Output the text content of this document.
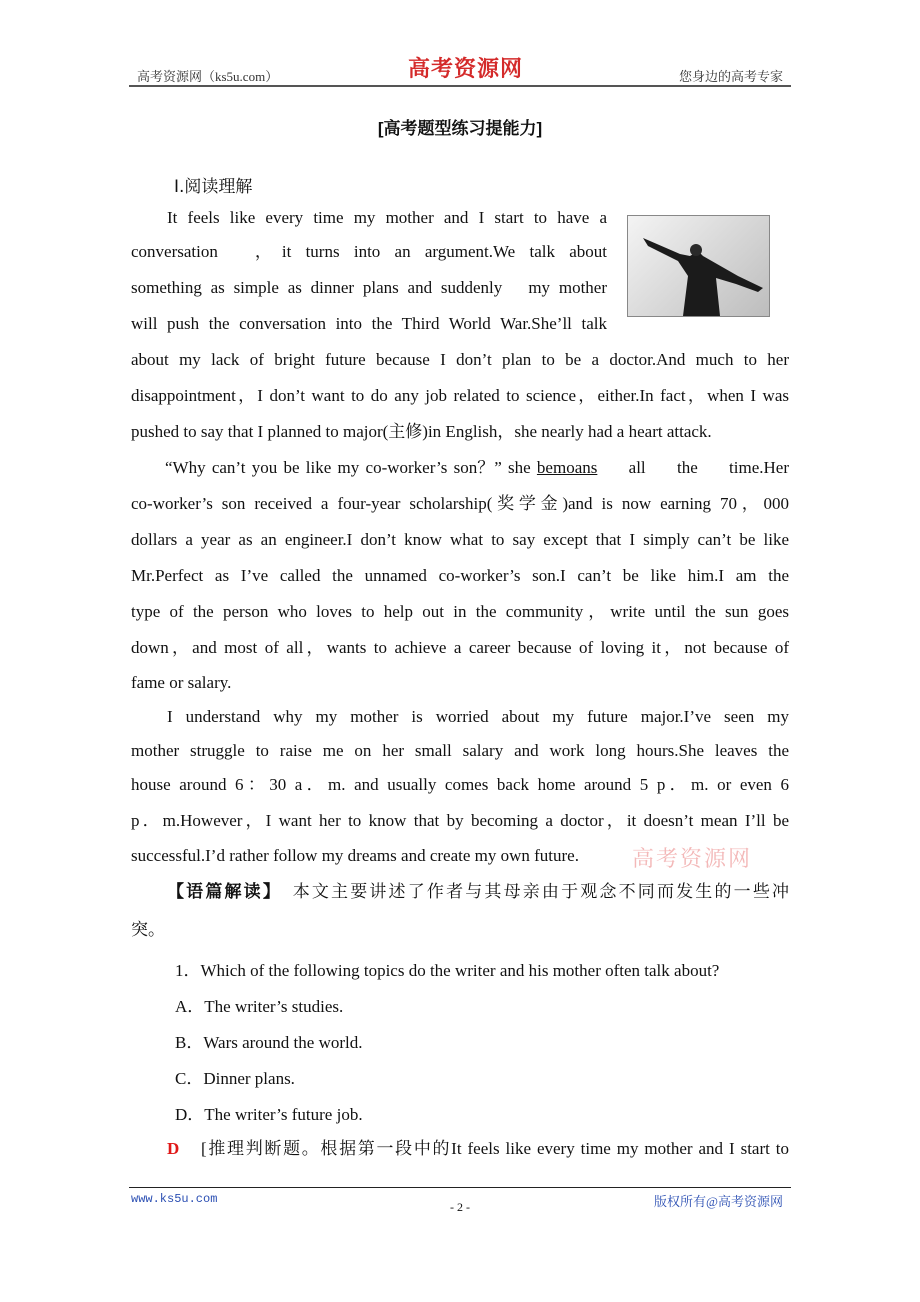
高考资源网（ks5u.com）	高考资源网	您身边的高考专家
[高考题型练习提能力]
Ⅰ.阅读理解
It feels like every time my mother and I start to have a
conversation　，it turns into an argument.We talk about
something as simple as dinner plans and suddenly　my mother
will push the conversation into the Third World War.She’ll talk
about my lack of bright future because I don’t plan to be a doctor.And much to her
disappointment，I don’t want to do any job related to science，either.In fact，when I was
pushed to say that I planned to major(主修)in English，she nearly had a heart attack.
“Why can’t you be like my co-worker’s son？” she bemoans all the time.Her
co-worker’s son received a four-year scholarship(奖学金)and is now earning 70，000
dollars a year as an engineer.I don’t know what to say except that I simply can’t be like
Mr.Perfect as I’ve called the unnamed co-worker’s son.I can’t be like him.I am the
type of the person who loves to help out in the community，write until the sun goes
down，and most of all，wants to achieve a career because of loving it，not because of
fame or salary.
I understand why my mother is worried about my future major.I’ve seen my
mother struggle to raise me on her small salary and work long hours.She leaves the
house around 6：30 a．m. and usually comes back home around 5 p．m. or even 6
p．m.However，I want her to know that by becoming a doctor，it doesn’t mean I’ll be
successful.I’d rather follow my dreams and create my own future.	高考资源网
【语篇解读】　 本文主要讲述了作者与其母亲由于观念不同而发生的一些冲
突。
1．Which of the following topics do the writer and his mother often talk about?
A．The writer’s studies.
B．Wars around the world.
C．Dinner plans.
D．The writer’s future job.
D	[推理判断题。根据第一段中的It feels like every time my mother and I start to
www.ks5u.com
- 2 -	版权所有@高考资源网
